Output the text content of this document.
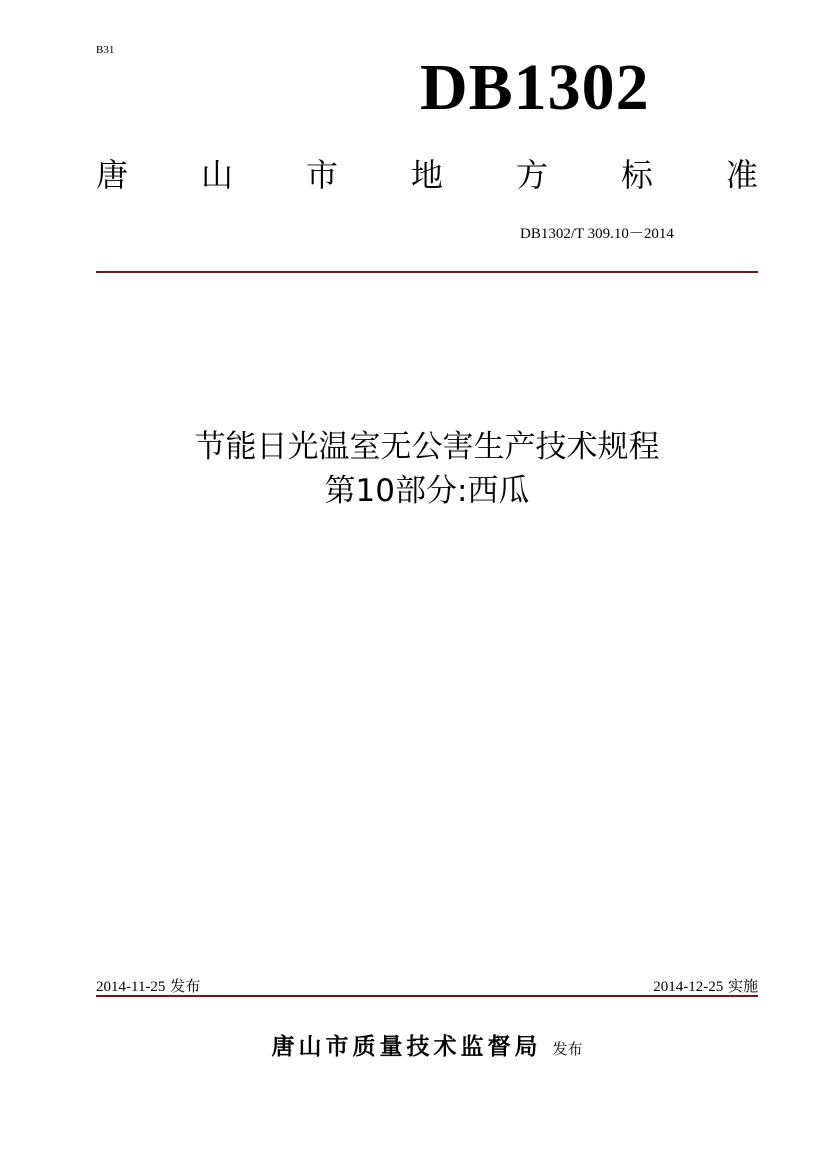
B31
DB1302
唐 山 市 地 方 标 准
DB1302/T 309.10－2014
节能日光温室无公害生产技术规程
第10部分:西瓜
2014-11-25 发布	2014-12-25 实施
唐山市质量技术监督局 发布
